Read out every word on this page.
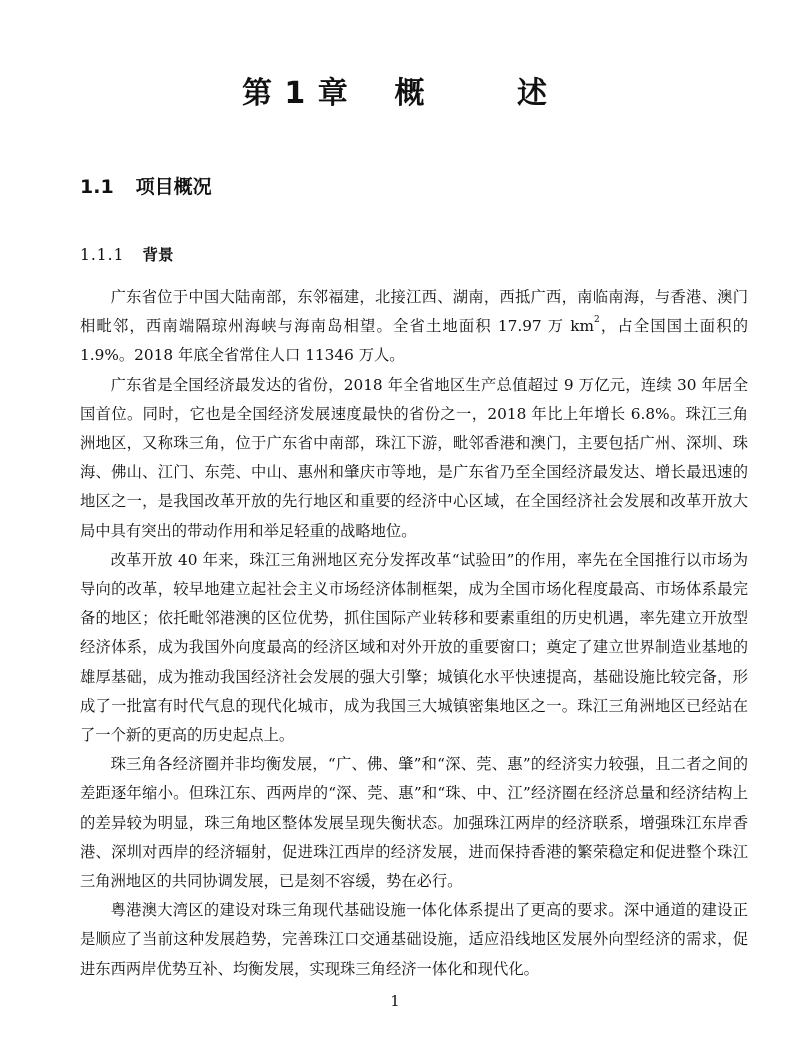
第 1 章    概        述
1.1 项目概况
1.1.1 背景

广东省位于中国大陆南部，东邻福建，北接江西、湖南，西抵广西，南临南海，与香港、澳门相毗邻，西南端隔琼州海峡与海南岛相望。全省土地面积 17.97 万 $km^2$，占全国国土面积的 1.9%。2018 年底全省常住人口 11346 万人。

广东省是全国经济最发达的省份，2018 年全省地区生产总值超过 9 万亿元，连续 30 年居全国首位。同时，它也是全国经济发展速度最快的省份之一，2018 年比上年增长 6.8%。珠江三角洲地区，又称珠三角，位于广东省中南部，珠江下游，毗邻香港和澳门，主要包括广州、深圳、珠海、佛山、江门、东莞、中山、惠州和肇庆市等地，是广东省乃至全国经济最发达、增长最迅速的地区之一，是我国改革开放的先行地区和重要的经济中心区域，在全国经济社会发展和改革开放大局中具有突出的带动作用和举足轻重的战略地位。

改革开放 40 年来，珠江三角洲地区充分发挥改革“试验田”的作用，率先在全国推行以市场为导向的改革，较早地建立起社会主义市场经济体制框架，成为全国市场化程度最高、市场体系最完备的地区；依托毗邻港澳的区位优势，抓住国际产业转移和要素重组的历史机遇，率先建立开放型经济体系，成为我国外向度最高的经济区域和对外开放的重要窗口；奠定了建立世界制造业基地的雄厚基础，成为推动我国经济社会发展的强大引擎；城镇化水平快速提高，基础设施比较完备，形成了一批富有时代气息的现代化城市，成为我国三大城镇密集地区之一。珠江三角洲地区已经站在了一个新的更高的历史起点上。

珠三角各经济圈并非均衡发展，“广、佛、肇”和“深、莞、惠”的经济实力较强，且二者之间的差距逐年缩小。但珠江东、西两岸的“深、莞、惠”和“珠、中、江”经济圈在经济总量和经济结构上的差异较为明显，珠三角地区整体发展呈现失衡状态。加强珠江两岸的经济联系，增强珠江东岸香港、深圳对西岸的经济辐射，促进珠江西岸的经济发展，进而保持香港的繁荣稳定和促进整个珠江三角洲地区的共同协调发展，已是刻不容缓，势在必行。

粤港澳大湾区的建设对珠三角现代基础设施一体化体系提出了更高的要求。深中通道的建设正是顺应了当前这种发展趋势，完善珠江口交通基础设施，适应沿线地区发展外向型经济的需求，促进东西两岸优势互补、均衡发展，实现珠三角经济一体化和现代化。

1
